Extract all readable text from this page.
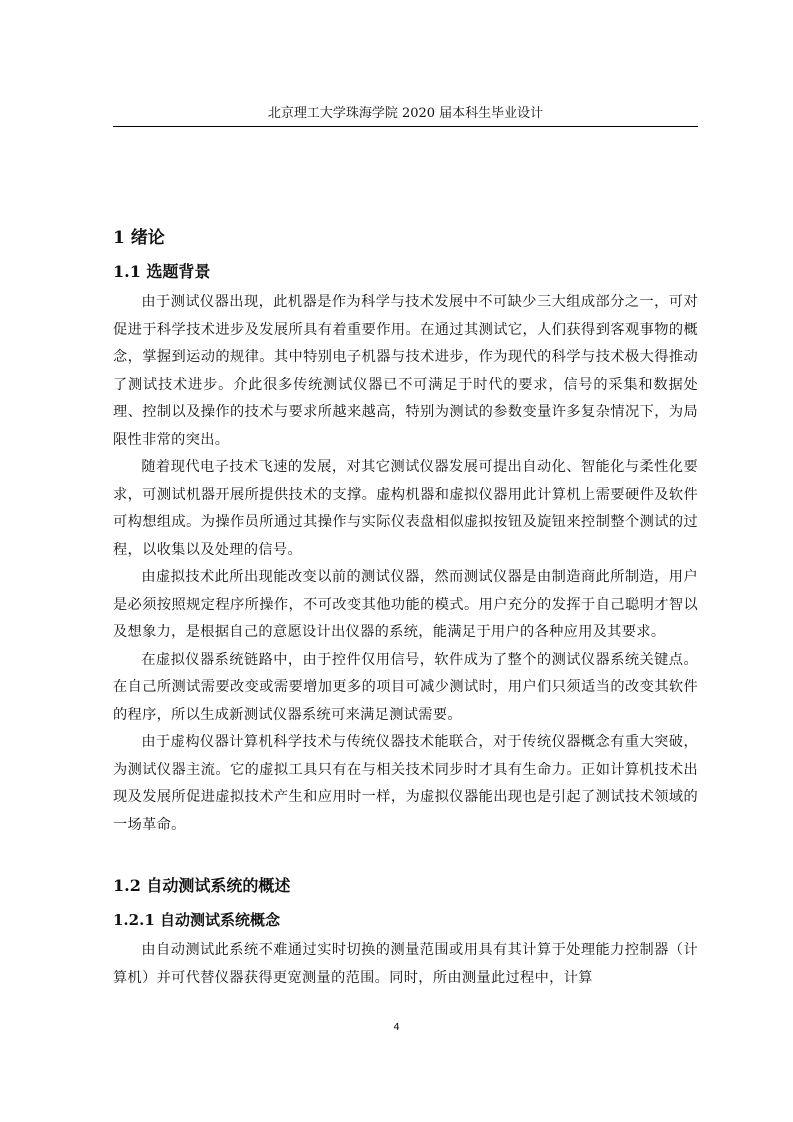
北京理工大学珠海学院 2020 届本科生毕业设计
1 绪论
1.1 选题背景

由于测试仪器出现，此机器是作为科学与技术发展中不可缺少三大组成部分之一，可对促进于科学技术进步及发展所具有着重要作用。在通过其测试它，人们获得到客观事物的概念，掌握到运动的规律。其中特别电子机器与技术进步，作为现代的科学与技术极大得推动了测试技术进步。介此很多传统测试仪器已不可满足于时代的要求，信号的采集和数据处理、控制以及操作的技术与要求所越来越高，特别为测试的参数变量许多复杂情况下，为局限性非常的突出。

随着现代电子技术飞速的发展，对其它测试仪器发展可提出自动化、智能化与柔性化要求，可测试机器开展所提供技术的支撑。虚构机器和虚拟仪器用此计算机上需要硬件及软件可构想组成。为操作员所通过其操作与实际仪表盘相似虚拟按钮及旋钮来控制整个测试的过程，以收集以及处理的信号。

由虚拟技术此所出现能改变以前的测试仪器，然而测试仪器是由制造商此所制造，用户是必须按照规定程序所操作，不可改变其他功能的模式。用户充分的发挥于自己聪明才智以及想象力，是根据自己的意愿设计出仪器的系统，能满足于用户的各种应用及其要求。

在虚拟仪器系统链路中，由于控件仅用信号，软件成为了整个的测试仪器系统关键点。在自己所测试需要改变或需要增加更多的项目可减少测试时，用户们只须适当的改变其软件的程序，所以生成新测试仪器系统可来满足测试需要。

由于虚构仪器计算机科学技术与传统仪器技术能联合，对于传统仪器概念有重大突破，为测试仪器主流。它的虚拟工具只有在与相关技术同步时才具有生命力。正如计算机技术出现及发展所促进虚拟技术产生和应用时一样，为虚拟仪器能出现也是引起了测试技术领域的一场革命。

1.2 自动测试系统的概述
1.2.1 自动测试系统概念

由自动测试此系统不难通过实时切换的测量范围或用具有其计算于处理能力控制器（计算机）并可代替仪器获得更宽测量的范围。同时，所由测量此过程中，计算

4
